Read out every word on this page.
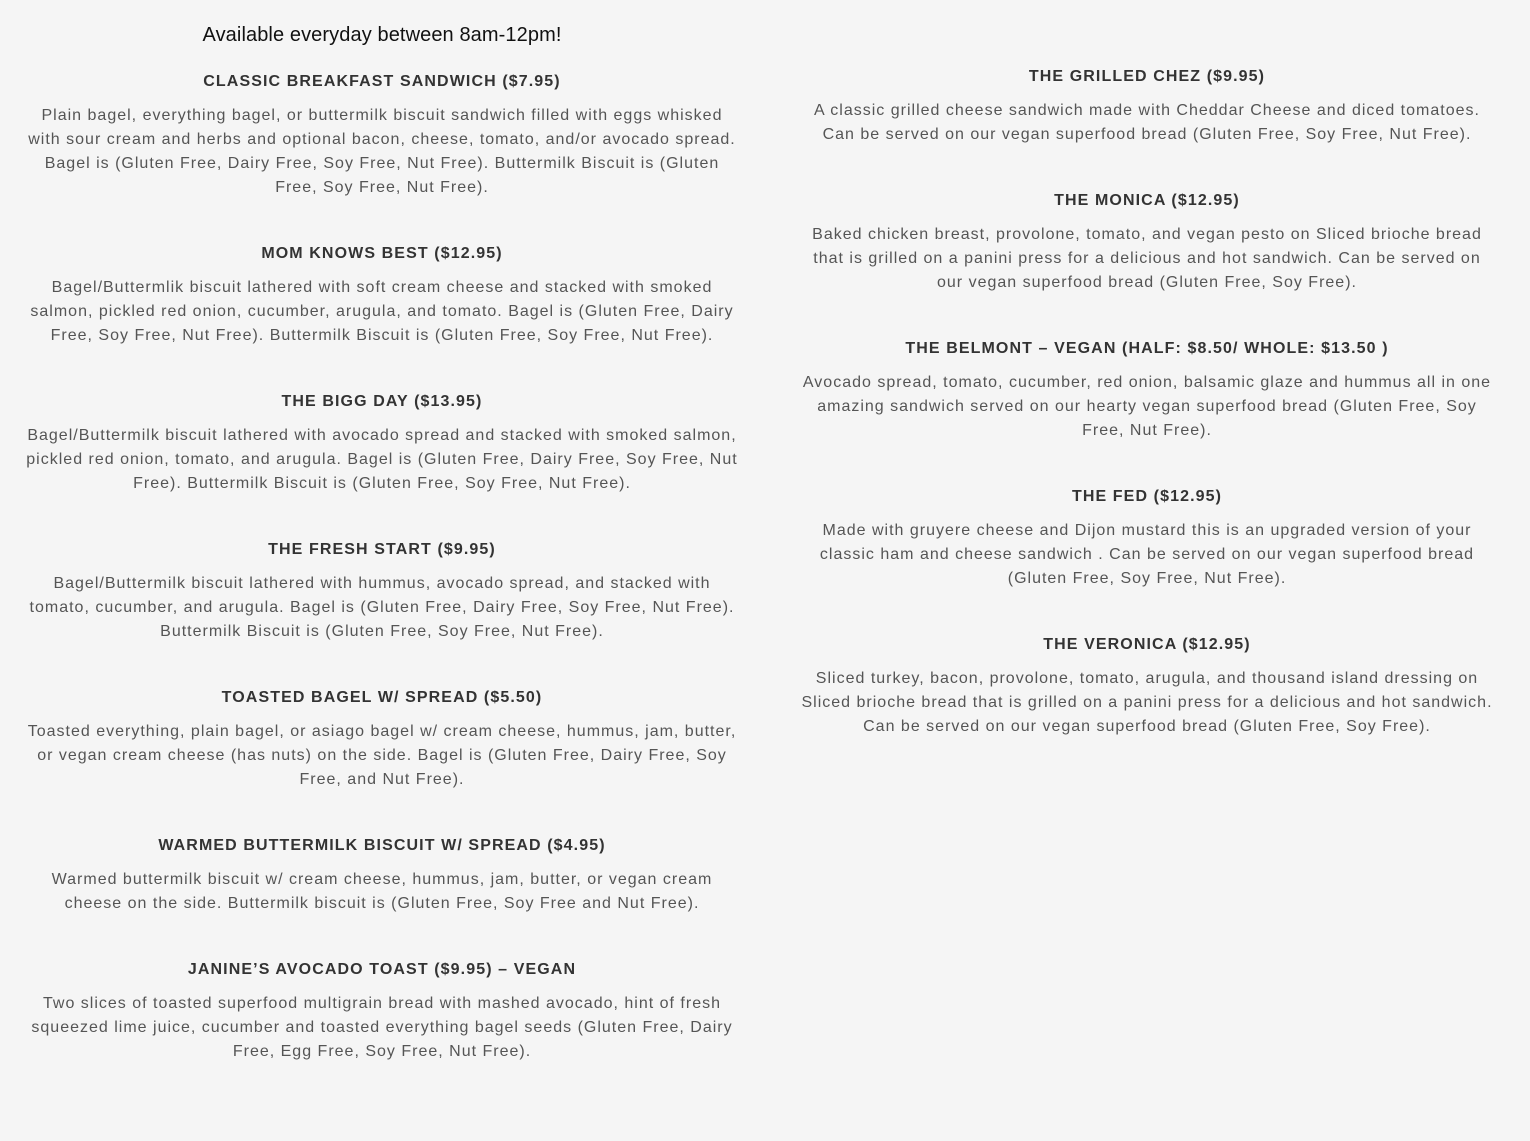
Available everyday between 8am-12pm!

CLASSIC BREAKFAST SANDWICH ($7.95)

Plain bagel, everything bagel, or buttermilk biscuit sandwich filled with eggs whisked with sour cream and herbs and optional bacon, cheese, tomato, and/or avocado spread. Bagel is (Gluten Free, Dairy Free, Soy Free, Nut Free). Buttermilk Biscuit is (Gluten Free, Soy Free, Nut Free).

MOM KNOWS BEST ($12.95)

Bagel/Buttermlik biscuit lathered with soft cream cheese and stacked with smoked salmon, pickled red onion, cucumber, arugula, and tomato. Bagel is (Gluten Free, Dairy Free, Soy Free, Nut Free). Buttermilk Biscuit is (Gluten Free, Soy Free, Nut Free).

THE BIGG DAY ($13.95)

Bagel/Buttermilk biscuit lathered with avocado spread and stacked with smoked salmon, pickled red onion, tomato, and arugula. Bagel is (Gluten Free, Dairy Free, Soy Free, Nut Free). Buttermilk Biscuit is (Gluten Free, Soy Free, Nut Free).

THE FRESH START ($9.95)

Bagel/Buttermilk biscuit lathered with hummus, avocado spread, and stacked with tomato, cucumber, and arugula. Bagel is (Gluten Free, Dairy Free, Soy Free, Nut Free). Buttermilk Biscuit is (Gluten Free, Soy Free, Nut Free).

TOASTED BAGEL W/ SPREAD ($5.50)

Toasted everything, plain bagel, or asiago bagel w/ cream cheese, hummus, jam, butter, or vegan cream cheese (has nuts) on the side. Bagel is (Gluten Free, Dairy Free, Soy Free, and Nut Free).

WARMED BUTTERMILK BISCUIT W/ SPREAD ($4.95)

Warmed buttermilk biscuit w/ cream cheese, hummus, jam, butter, or vegan cream cheese on the side. Buttermilk biscuit is (Gluten Free, Soy Free and Nut Free).

JANINE’S AVOCADO TOAST ($9.95) – VEGAN

Two slices of toasted superfood multigrain bread with mashed avocado, hint of fresh squeezed lime juice, cucumber and toasted everything bagel seeds (Gluten Free, Dairy Free, Egg Free, Soy Free, Nut Free).

THE GRILLED CHEZ ($9.95)

A classic grilled cheese sandwich made with Cheddar Cheese and diced tomatoes. Can be served on our vegan superfood bread (Gluten Free, Soy Free, Nut Free).

THE MONICA ($12.95)

Baked chicken breast, provolone, tomato, and vegan pesto on Sliced brioche bread that is grilled on a panini press for a delicious and hot sandwich. Can be served on our vegan superfood bread (Gluten Free, Soy Free).

THE BELMONT – VEGAN (HALF: $8.50/ WHOLE: $13.50 )

Avocado spread, tomato, cucumber, red onion, balsamic glaze and hummus all in one amazing sandwich served on our hearty vegan superfood bread (Gluten Free, Soy Free, Nut Free).

THE FED ($12.95)

Made with gruyere cheese and Dijon mustard this is an upgraded version of your classic ham and cheese sandwich . Can be served on our vegan superfood bread (Gluten Free, Soy Free, Nut Free).

THE VERONICA ($12.95)

Sliced turkey, bacon, provolone, tomato, arugula, and thousand island dressing on Sliced brioche bread that is grilled on a panini press for a delicious and hot sandwich. Can be served on our vegan superfood bread (Gluten Free, Soy Free).
